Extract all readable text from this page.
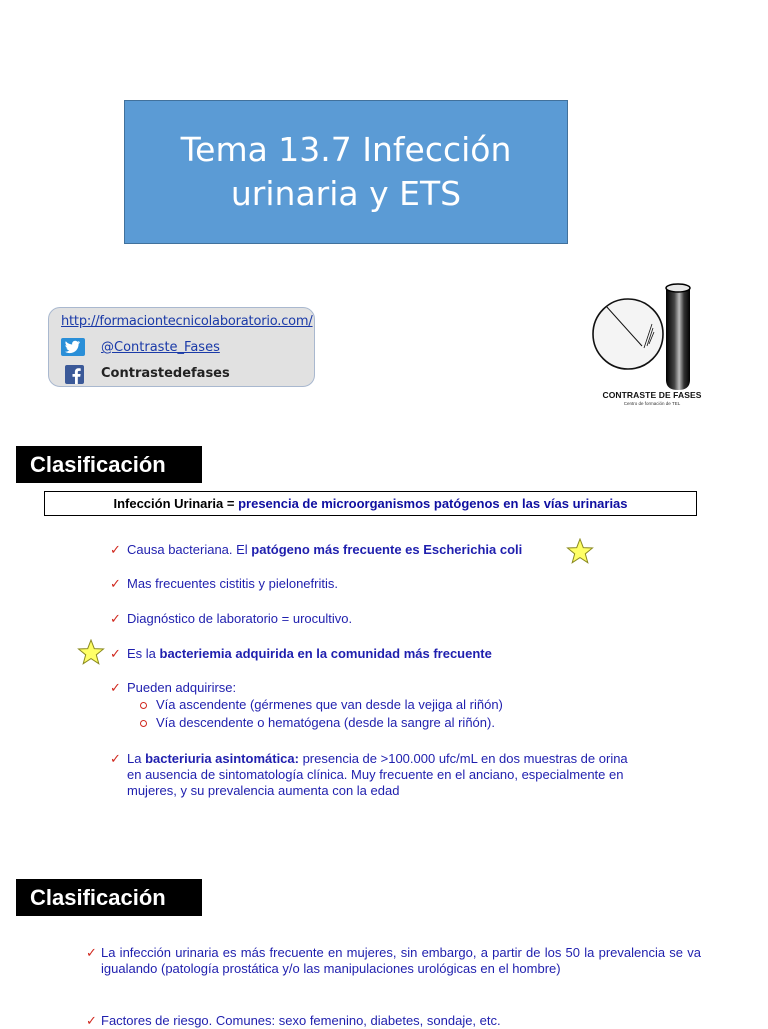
Tema 13.7 Infección
urinaria y ETS
http://formaciontecnicolaboratorio.com/
@Contraste_Fases
Contrastedefases
CONTRASTE DE FASES
Centro de formación de TEL
Clasificación
Infección Urinaria = presencia de microorganismos patógenos en las vías urinarias
✓ Causa bacteriana. El patógeno más frecuente es Escherichia coli
✓ Mas frecuentes cistitis y pielonefritis.
✓ Diagnóstico de laboratorio = urocultivo.
✓ Es la bacteriemia adquirida en la comunidad más frecuente
✓ Pueden adquirirse:
Vía ascendente (gérmenes que van desde la vejiga al riñón)
Vía descendente o hematógena (desde la sangre al riñón).
✓ La bacteriuria asintomática: presencia de >100.000 ufc/mL en dos muestras de orina en ausencia de sintomatología clínica. Muy frecuente en el anciano, especialmente en mujeres, y su prevalencia aumenta con la edad
Clasificación
✓ La infección urinaria es más frecuente en mujeres, sin embargo, a partir de los 50 la prevalencia se va igualando (patología prostática y/o las manipulaciones urológicas en el hombre)
✓ Factores de riesgo. Comunes: sexo femenino, diabetes, sondaje, etc.
